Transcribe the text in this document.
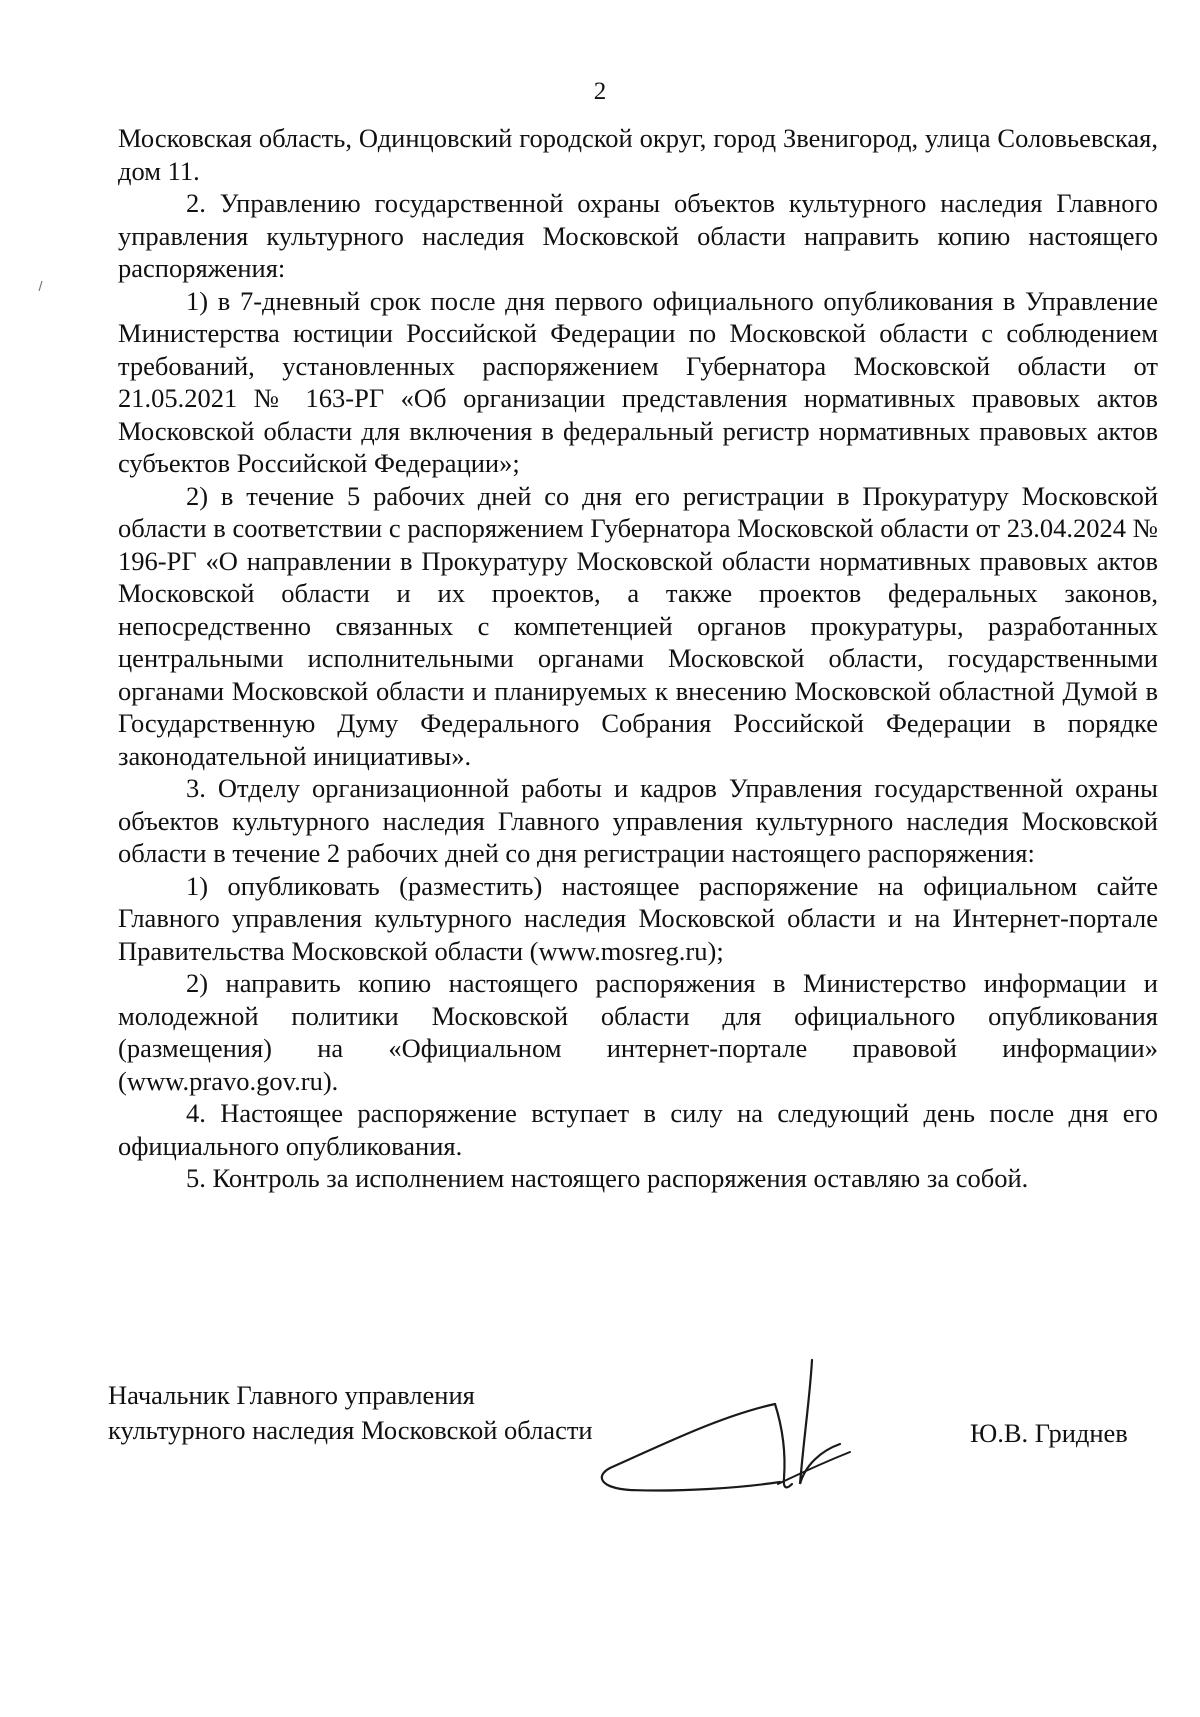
2

Московская область, Одинцовский городской округ, город Звенигород, улица Соловьевская, дом 11.

2. Управлению государственной охраны объектов культурного наследия Главного управления культурного наследия Московской области направить копию настоящего распоряжения:

1) в 7-дневный срок после дня первого официального опубликования в Управление Министерства юстиции Российской Федерации по Московской области с соблюдением требований, установленных распоряжением Губернатора Московской области от 21.05.2021 № 163-РГ «Об организации представления нормативных правовых актов Московской области для включения в федеральный регистр нормативных правовых актов субъектов Российской Федерации»;

2) в течение 5 рабочих дней со дня его регистрации в Прокуратуру Московской области в соответствии с распоряжением Губернатора Московской области от 23.04.2024 № 196-РГ «О направлении в Прокуратуру Московской области нормативных правовых актов Московской области и их проектов, а также проектов федеральных законов, непосредственно связанных с компетенцией органов прокуратуры, разработанных центральными исполнительными органами Московской области, государственными органами Московской области и планируемых к внесению Московской областной Думой в Государственную Думу Федерального Собрания Российской Федерации в порядке законодательной инициативы».

3. Отделу организационной работы и кадров Управления государственной охраны объектов культурного наследия Главного управления культурного наследия Московской области в течение 2 рабочих дней со дня регистрации настоящего распоряжения:

1) опубликовать (разместить) настоящее распоряжение на официальном сайте Главного управления культурного наследия Московской области и на Интернет-портале Правительства Московской области (www.mosreg.ru);

2) направить копию настоящего распоряжения в Министерство информации и молодежной политики Московской области для официального опубликования (размещения) на «Официальном интернет-портале правовой информации» (www.pravo.gov.ru).

4. Настоящее распоряжение вступает в силу на следующий день после дня его официального опубликования.

5. Контроль за исполнением настоящего распоряжения оставляю за собой.

Начальник Главного управления
культурного наследия Московской области	Ю.В. Гриднев
